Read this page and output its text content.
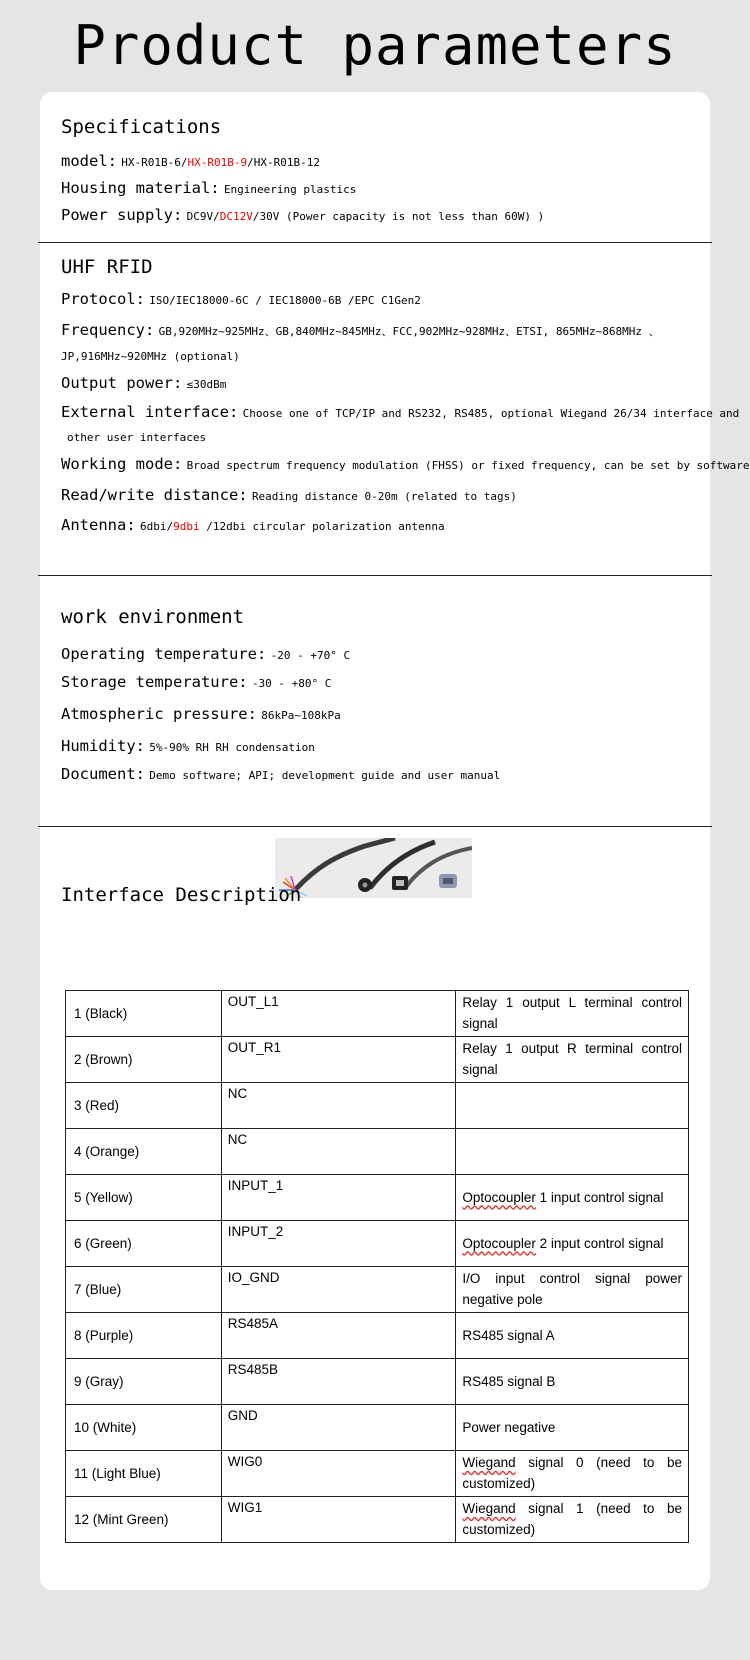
Product parameters
Specifications
model: HX-R01B-6/HX-R01B-9/HX-R01B-12
Housing material: Engineering plastics
Power supply: DC9V/DC12V/30V (Power capacity is not less than 60W) )
UHF RFID
Protocol: ISO/IEC18000-6C / IEC18000-6B /EPC C1Gen2
Frequency: GB,920MHz~925MHz、GB,840MHz~845MHz、FCC,902MHz~928MHz、ETSI, 865MHz~868MHz 、
JP,916MHz~920MHz (optional)
Output power: ≤30dBm
External interface: Choose one of TCP/IP and RS232, RS485, optional Wiegand 26/34 interface and
other user interfaces
Working mode: Broad spectrum frequency modulation (FHSS) or fixed frequency, can be set by software
Read/write distance: Reading distance 0-20m (related to tags)
Antenna: 6dbi/9dbi /12dbi circular polarization antenna
work environment
Operating temperature: -20 - +70° C
Storage temperature: -30 - +80° C
Atmospheric pressure: 86kPa~108kPa
Humidity: 5%-90% RH RH condensation
Document: Demo software; API; development guide and user manual
Interface Description
1 (Black)	OUT_L1	Relay 1 output L terminal control signal
2 (Brown)	OUT_R1	Relay 1 output R terminal control signal
3 (Red)	NC	
4 (Orange)	NC	
5 (Yellow)	INPUT_1	Optocoupler 1 input control signal
6 (Green)	INPUT_2	Optocoupler 2 input control signal
7 (Blue)	IO_GND	I/O input control signal power negative pole
8 (Purple)	RS485A	RS485 signal A
9 (Gray)	RS485B	RS485 signal B
10 (White)	GND	Power negative
11 (Light Blue)	WIG0	Wiegand signal 0 (need to be customized)
12 (Mint Green)	WIG1	Wiegand signal 1 (need to be customized)
